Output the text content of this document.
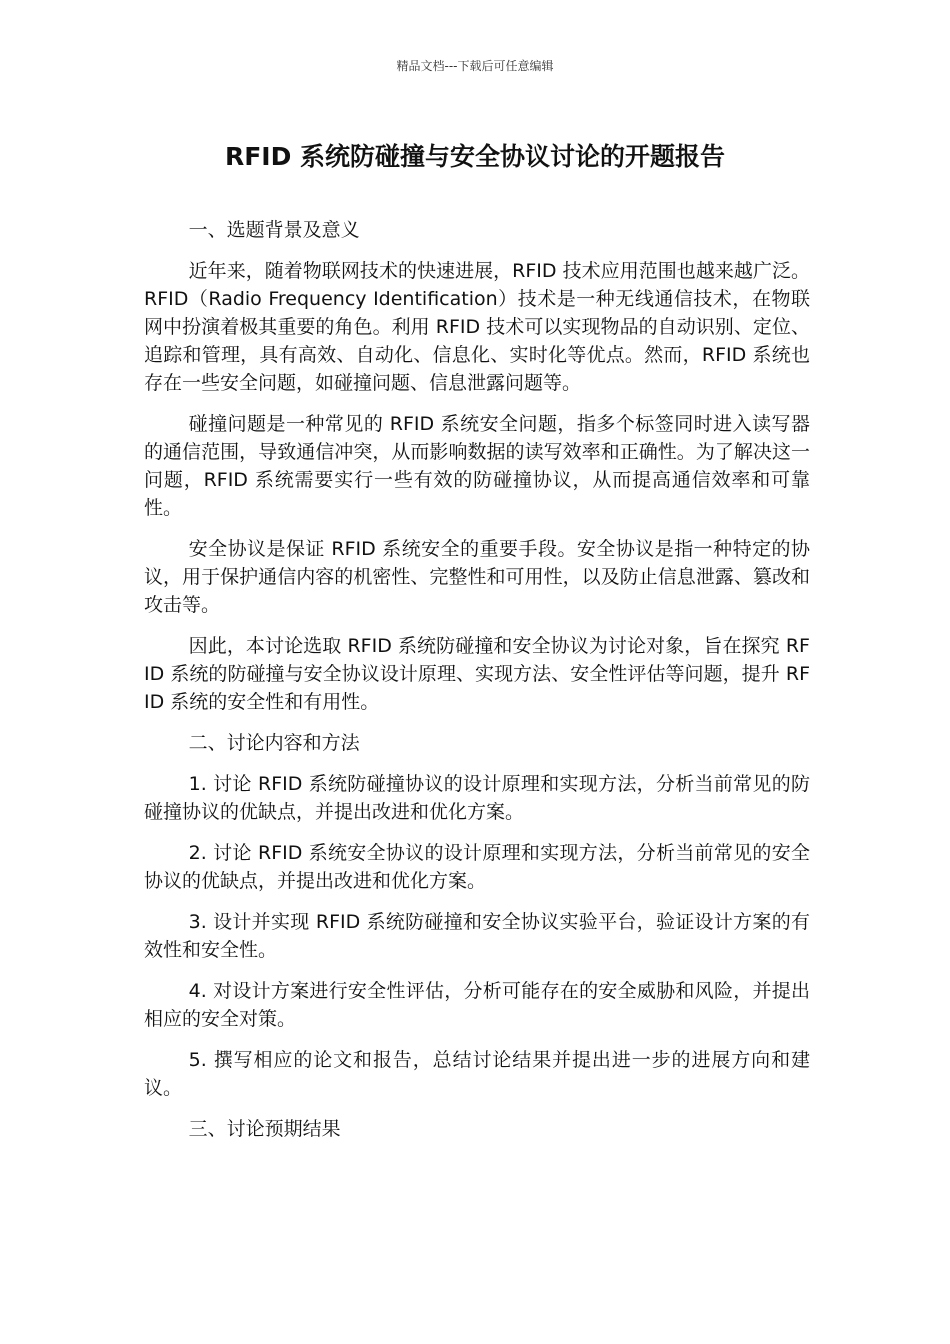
精品文档---下载后可任意编辑
RFID 系统防碰撞与安全协议讨论的开题报告

一、选题背景及意义

近年来，随着物联网技术的快速进展，RFID 技术应用范围也越来越广泛。RFID（Radio Frequency Identification）技术是一种无线通信技术，在物联网中扮演着极其重要的角色。利用 RFID 技术可以实现物品的自动识别、定位、追踪和管理，具有高效、自动化、信息化、实时化等优点。然而，RFID 系统也存在一些安全问题，如碰撞问题、信息泄露问题等。

碰撞问题是一种常见的 RFID 系统安全问题，指多个标签同时进入读写器的通信范围，导致通信冲突，从而影响数据的读写效率和正确性。为了解决这一问题，RFID 系统需要实行一些有效的防碰撞协议，从而提高通信效率和可靠性。

安全协议是保证 RFID 系统安全的重要手段。安全协议是指一种特定的协议，用于保护通信内容的机密性、完整性和可用性，以及防止信息泄露、篡改和攻击等。

因此，本讨论选取 RFID 系统防碰撞和安全协议为讨论对象，旨在探究 RFID 系统的防碰撞与安全协议设计原理、实现方法、安全性评估等问题，提升 RFID 系统的安全性和有用性。

二、讨论内容和方法

1. 讨论 RFID 系统防碰撞协议的设计原理和实现方法，分析当前常见的防碰撞协议的优缺点，并提出改进和优化方案。

2. 讨论 RFID 系统安全协议的设计原理和实现方法，分析当前常见的安全协议的优缺点，并提出改进和优化方案。

3. 设计并实现 RFID 系统防碰撞和安全协议实验平台，验证设计方案的有效性和安全性。

4. 对设计方案进行安全性评估，分析可能存在的安全威胁和风险，并提出相应的安全对策。

5. 撰写相应的论文和报告，总结讨论结果并提出进一步的进展方向和建议。

三、讨论预期结果
